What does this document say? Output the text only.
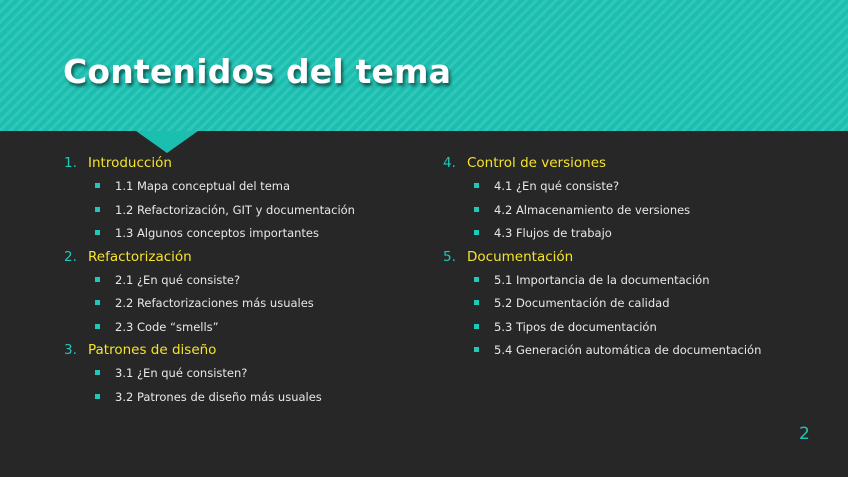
Contenidos del tema
1. Introducción
1.1 Mapa conceptual del tema
1.2 Refactorización, GIT y documentación
1.3 Algunos conceptos importantes
2. Refactorización
2.1 ¿En qué consiste?
2.2 Refactorizaciones más usuales
2.3 Code “smells”
3. Patrones de diseño
3.1 ¿En qué consisten?
3.2 Patrones de diseño más usuales
4. Control de versiones
4.1 ¿En qué consiste?
4.2 Almacenamiento de versiones
4.3 Flujos de trabajo
5. Documentación
5.1 Importancia de la documentación
5.2 Documentación de calidad
5.3 Tipos de documentación
5.4 Generación automática de documentación
2
